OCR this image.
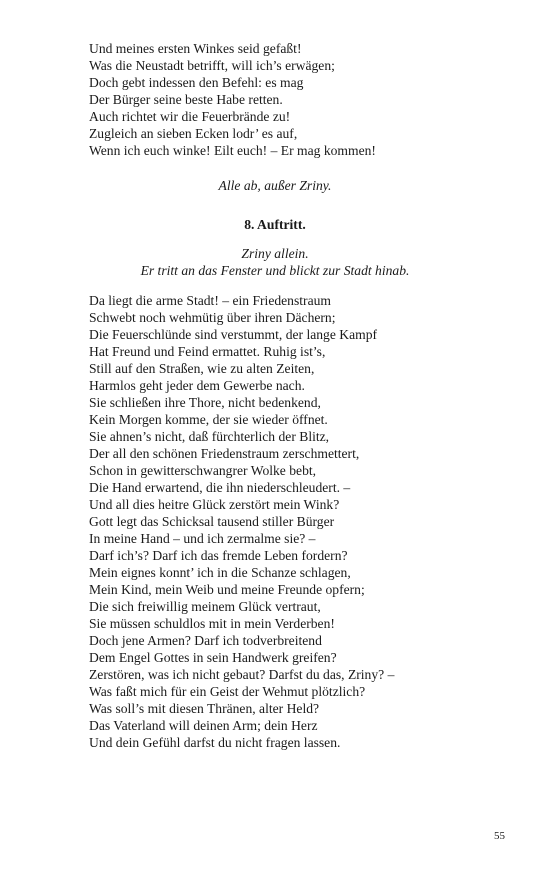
Und meines ersten Winkes seid gefaßt!
Was die Neustadt betrifft, will ich’s erwägen;
Doch gebt indessen den Befehl: es mag
Der Bürger seine beste Habe retten.
Auch richtet wir die Feuerbrände zu!
Zugleich an sieben Ecken lodr’ es auf,
Wenn ich euch winke! Eilt euch! – Er mag kommen!
Alle ab, außer Zriny.
8. Auftritt.
Zriny allein.
Er tritt an das Fenster und blickt zur Stadt hinab.
Da liegt die arme Stadt! – ein Friedenstraum
Schwebt noch wehmütig über ihren Dächern;
Die Feuerschlünde sind verstummt, der lange Kampf
Hat Freund und Feind ermattet. Ruhig ist’s,
Still auf den Straßen, wie zu alten Zeiten,
Harmlos geht jeder dem Gewerbe nach.
Sie schließen ihre Thore, nicht bedenkend,
Kein Morgen komme, der sie wieder öffnet.
Sie ahnen’s nicht, daß fürchterlich der Blitz,
Der all den schönen Friedenstraum zerschmettert,
Schon in gewitterschwangrer Wolke bebt,
Die Hand erwartend, die ihn niederschleudert. –
Und all dies heitre Glück zerstört mein Wink?
Gott legt das Schicksal tausend stiller Bürger
In meine Hand – und ich zermalme sie? –
Darf ich’s? Darf ich das fremde Leben fordern?
Mein eignes konnt’ ich in die Schanze schlagen,
Mein Kind, mein Weib und meine Freunde opfern;
Die sich freiwillig meinem Glück vertraut,
Sie müssen schuldlos mit in mein Verderben!
Doch jene Armen? Darf ich todverbreitend
Dem Engel Gottes in sein Handwerk greifen?
Zerstören, was ich nicht gebaut? Darfst du das, Zriny? –
Was faßt mich für ein Geist der Wehmut plötzlich?
Was soll’s mit diesen Thränen, alter Held?
Das Vaterland will deinen Arm; dein Herz
Und dein Gefühl darfst du nicht fragen lassen.
55
